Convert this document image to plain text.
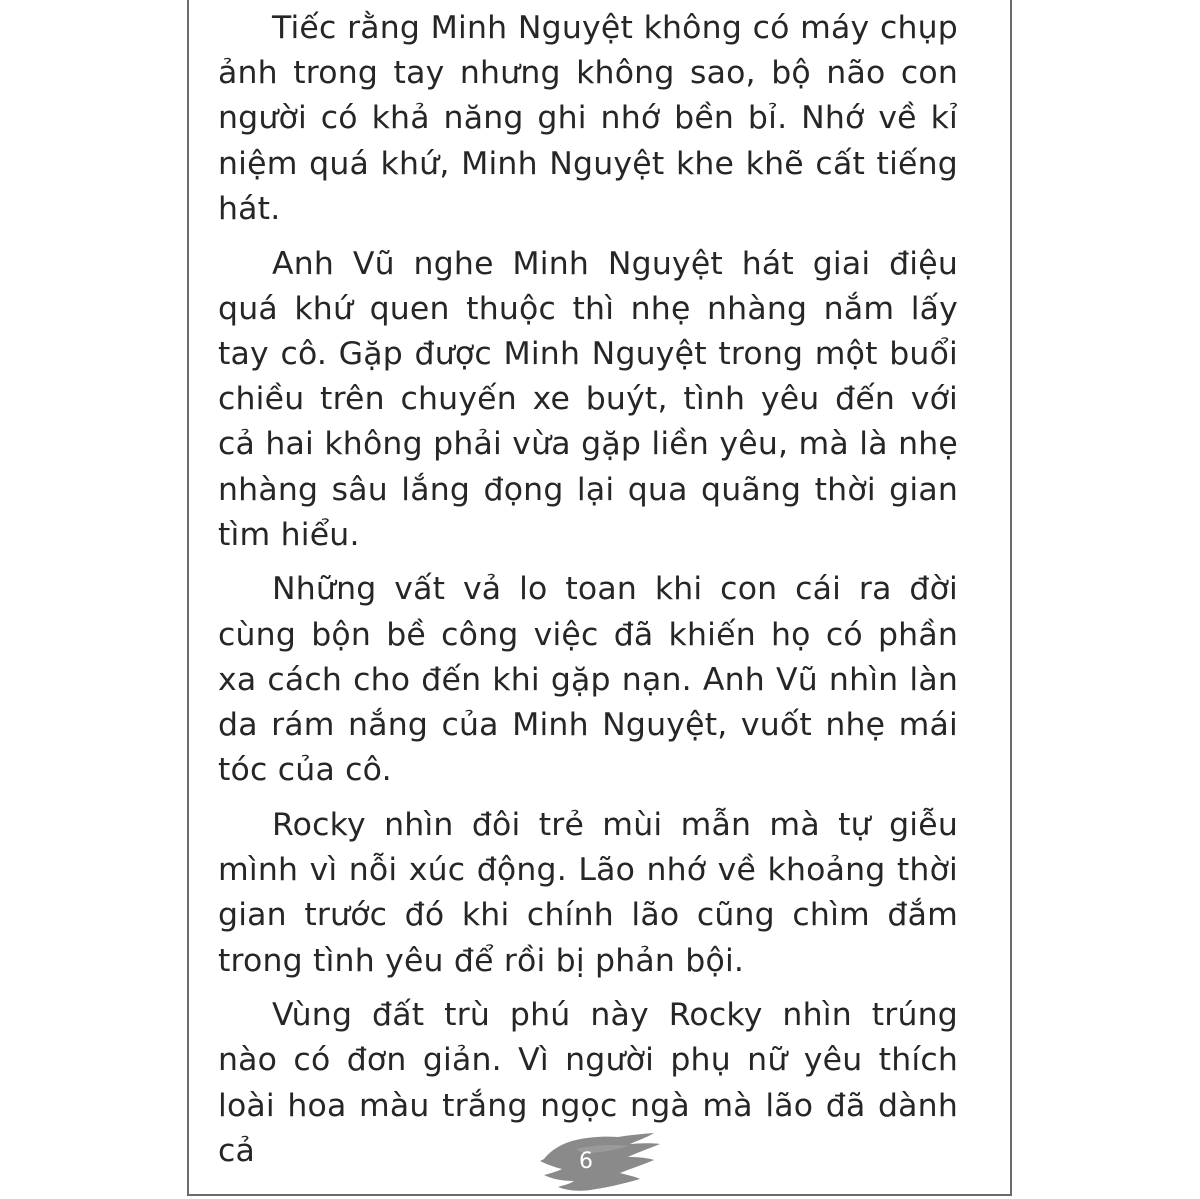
Tiếc rằng Minh Nguyệt không có máy chụp ảnh trong tay nhưng không sao, bộ não con người có khả năng ghi nhớ bền bỉ. Nhớ về kỉ niệm quá khứ, Minh Nguyệt khe khẽ cất tiếng hát.

Anh Vũ nghe Minh Nguyệt hát giai điệu quá khứ quen thuộc thì nhẹ nhàng nắm lấy tay cô. Gặp được Minh Nguyệt trong một buổi chiều trên chuyến xe buýt, tình yêu đến với cả hai không phải vừa gặp liền yêu, mà là nhẹ nhàng sâu lắng đọng lại qua quãng thời gian tìm hiểu.

Những vất vả lo toan khi con cái ra đời cùng bộn bề công việc đã khiến họ có phần xa cách cho đến khi gặp nạn. Anh Vũ nhìn làn da rám nắng của Minh Nguyệt, vuốt nhẹ mái tóc của cô.

Rocky nhìn đôi trẻ mùi mẫn mà tự giễu mình vì nỗi xúc động. Lão nhớ về khoảng thời gian trước đó khi chính lão cũng chìm đắm trong tình yêu để rồi bị phản bội.

Vùng đất trù phú này Rocky nhìn trúng nào có đơn giản. Vì người phụ nữ yêu thích loài hoa màu trắng ngọc ngà mà lão đã dành cả	6
